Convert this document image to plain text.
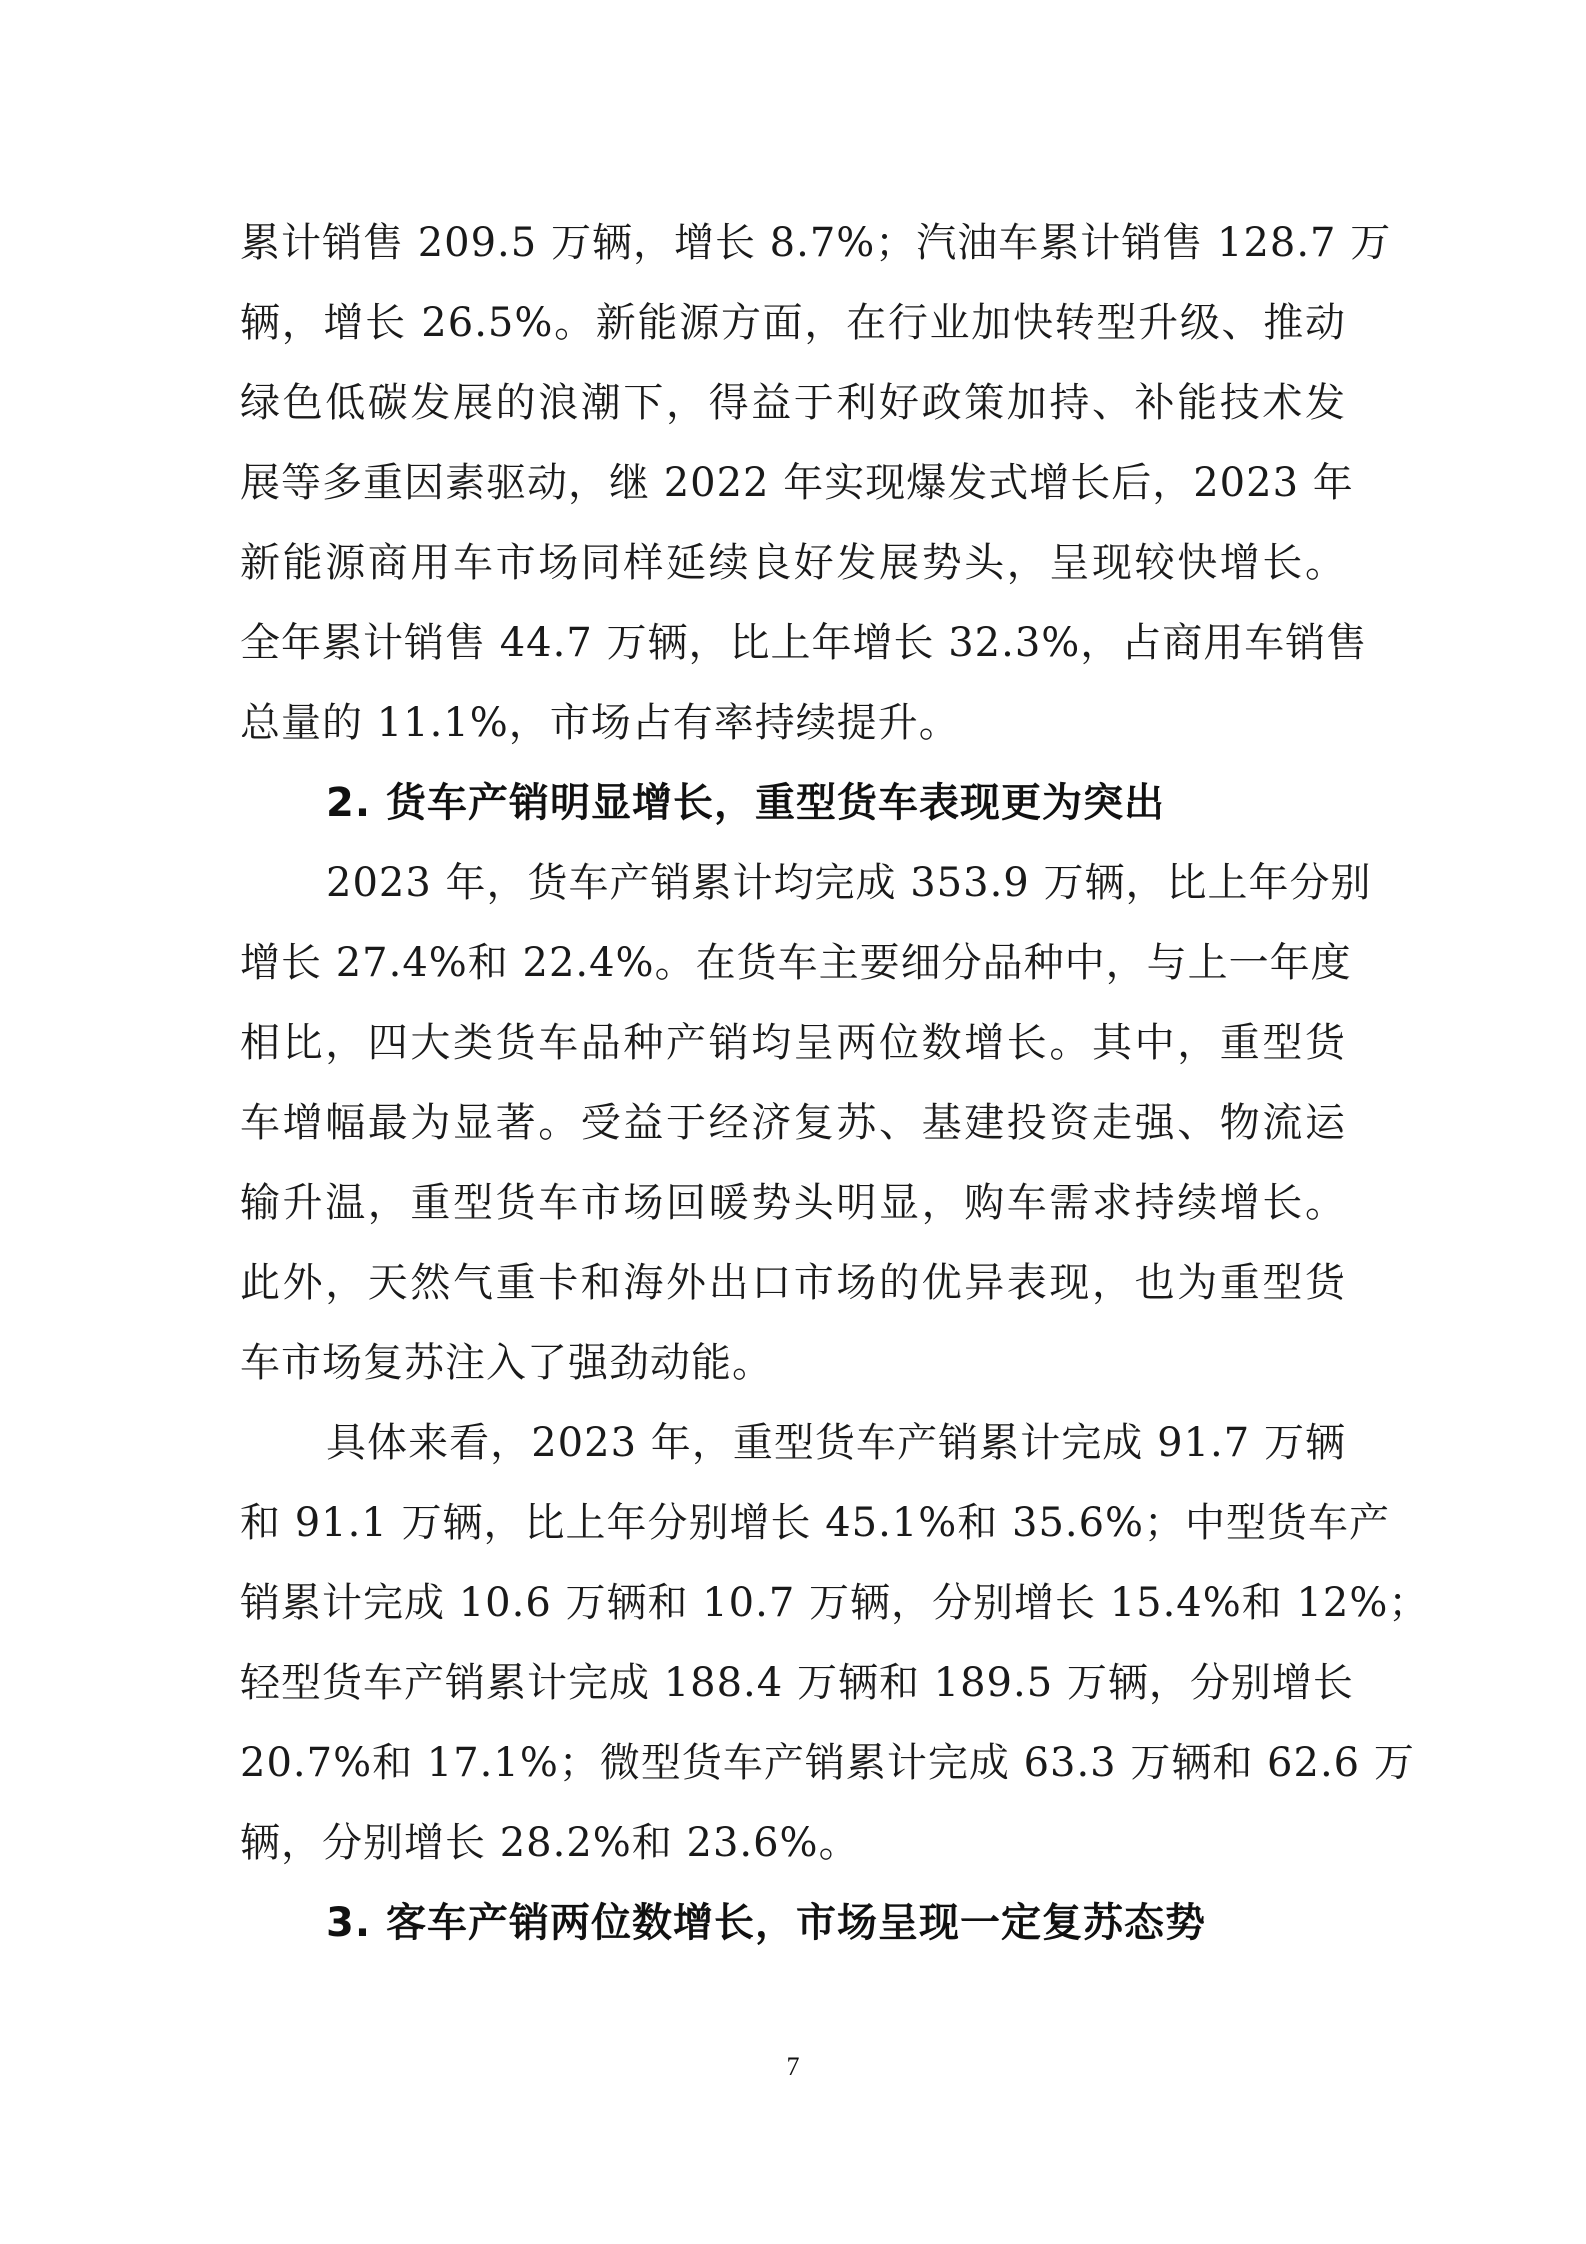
累计销售 209.5 万辆，增长 8.7%；汽油车累计销售 128.7 万
辆，增长 26.5%。新能源方面，在行业加快转型升级、推动
绿色低碳发展的浪潮下，得益于利好政策加持、补能技术发
展等多重因素驱动，继 2022 年实现爆发式增长后，2023 年
新能源商用车市场同样延续良好发展势头，呈现较快增长。
全年累计销售 44.7 万辆，比上年增长 32.3%，占商用车销售
总量的 11.1%，市场占有率持续提升。
2. 货车产销明显增长，重型货车表现更为突出
2023 年，货车产销累计均完成 353.9 万辆，比上年分别
增长 27.4%和 22.4%。在货车主要细分品种中，与上一年度
相比，四大类货车品种产销均呈两位数增长。其中，重型货
车增幅最为显著。受益于经济复苏、基建投资走强、物流运
输升温，重型货车市场回暖势头明显，购车需求持续增长。
此外，天然气重卡和海外出口市场的优异表现，也为重型货
车市场复苏注入了强劲动能。
具体来看，2023 年，重型货车产销累计完成 91.7 万辆
和 91.1 万辆，比上年分别增长 45.1%和 35.6%；中型货车产
销累计完成 10.6 万辆和 10.7 万辆，分别增长 15.4%和 12%；
轻型货车产销累计完成 188.4 万辆和 189.5 万辆，分别增长
20.7%和 17.1%；微型货车产销累计完成 63.3 万辆和 62.6 万
辆，分别增长 28.2%和 23.6%。
3. 客车产销两位数增长，市场呈现一定复苏态势
7
